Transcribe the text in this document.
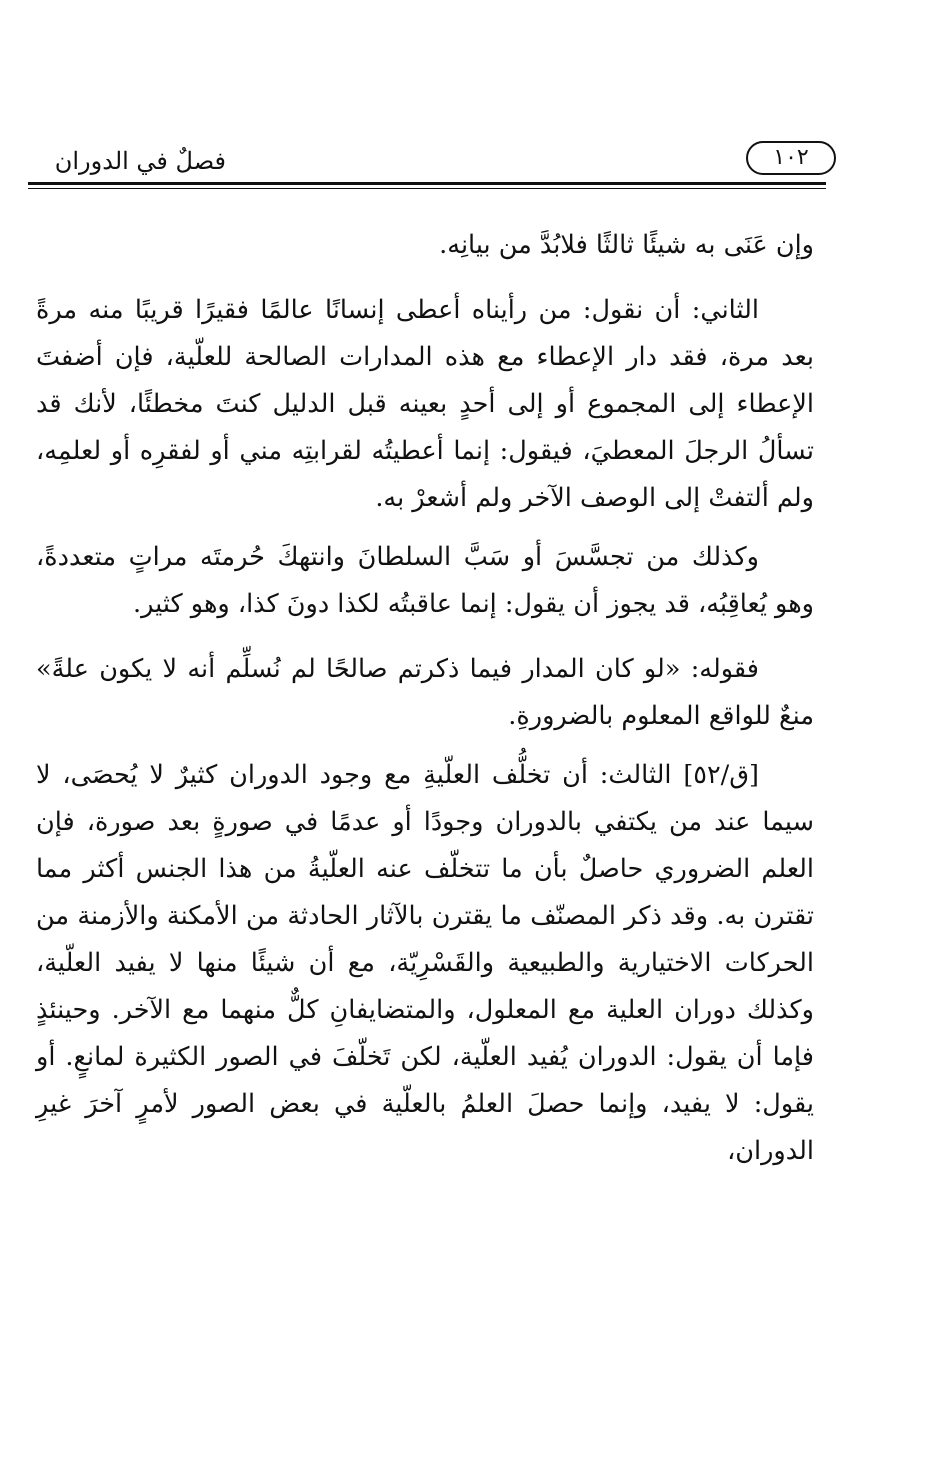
فصلٌ في الدوران	١٠٢

وإن عَنَى به شيئًا ثالثًا فلابُدَّ من بيانِه.

الثاني: أن نقول: من رأيناه أعطى إنسانًا عالمًا فقيرًا قريبًا منه مرةً بعد مرة، فقد دار الإعطاء مع هذه المدارات الصالحة للعلّية، فإن أضفتَ الإعطاء إلى المجموع أو إلى أحدٍ بعينه قبل الدليل كنتَ مخطئًا، لأنك قد تسألُ الرجلَ المعطيَ، فيقول: إنما أعطيتُه لقرابتِه مني أو لفقرِه أو لعلمِه، ولم ألتفتْ إلى الوصف الآخر ولم أشعرْ به.

وكذلك من تجسَّسَ أو سَبَّ السلطانَ وانتهكَ حُرمتَه مراتٍ متعددةً، وهو يُعاقِبُه، قد يجوز أن يقول: إنما عاقبتُه لكذا دونَ كذا، وهو كثير.

فقوله: «لو كان المدار فيما ذكرتم صالحًا لم نُسلِّم أنه لا يكون علةً» منعٌ للواقع المعلوم بالضرورةِ.

[ق/٥٢] الثالث: أن تخلُّف العلّيةِ مع وجود الدوران كثيرٌ لا يُحصَى، لا سيما عند من يكتفي بالدوران وجودًا أو عدمًا في صورةٍ بعد صورة، فإن العلم الضروري حاصلٌ بأن ما تتخلّف عنه العلّيةُ من هذا الجنس أكثر مما تقترن به. وقد ذكر المصنّف ما يقترن بالآثار الحادثة من الأمكنة والأزمنة من الحركات الاختيارية والطبيعية والقَسْرِيّة، مع أن شيئًا منها لا يفيد العلّية، وكذلك دوران العلية مع المعلول، والمتضايفانِ كلٌّ منهما مع الآخر. وحينئذٍ فإما أن يقول: الدوران يُفيد العلّية، لكن تَخلّفَ في الصور الكثيرة لمانعٍ. أو يقول: لا يفيد، وإنما حصلَ العلمُ بالعلّية في بعض الصور لأمرٍ آخرَ غيرِ الدوران،
